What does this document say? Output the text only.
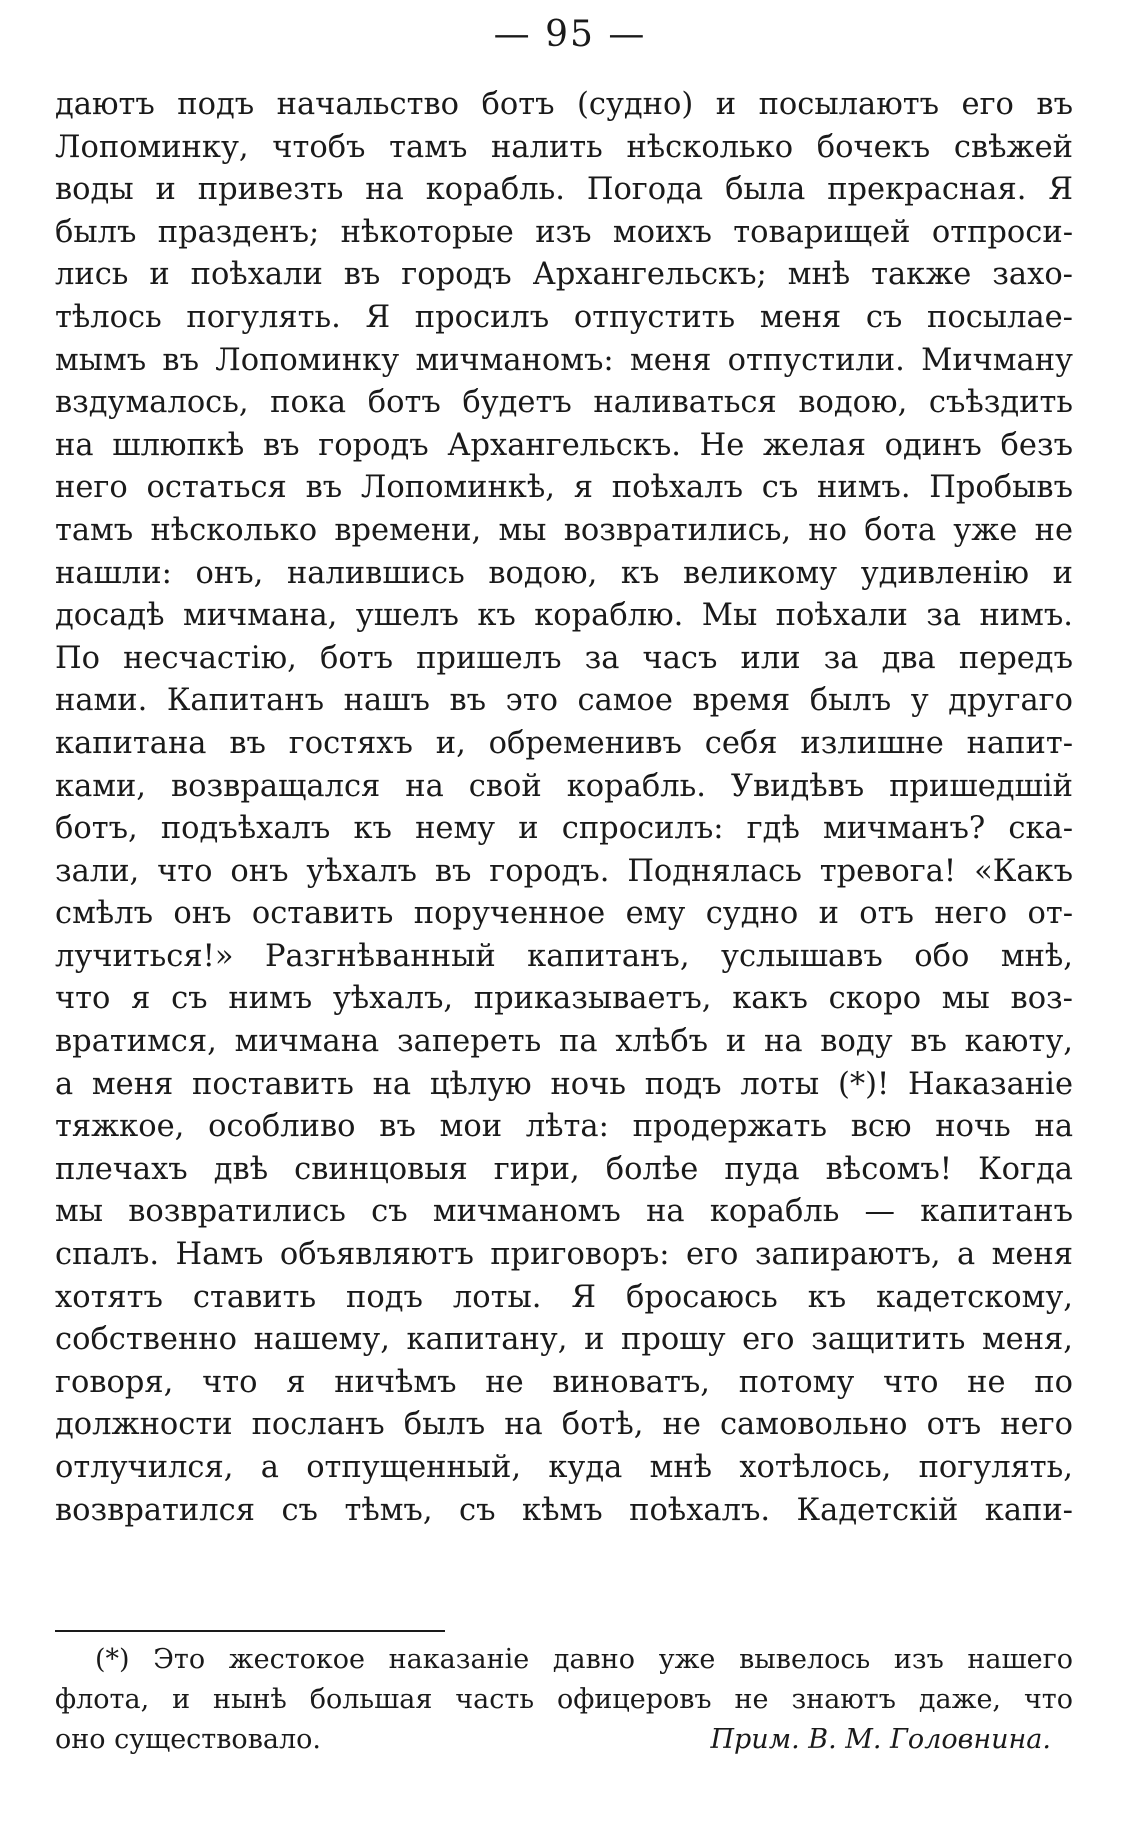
— 95 —
даютъ подъ начальство ботъ (судно) и посылаютъ его въ
Лопоминку, чтобъ тамъ налить нѣсколько бочекъ свѣжей
воды и привезть на корабль. Погода была прекрасная. Я
былъ празденъ; нѣкоторые изъ моихъ товарищей отпроси-
лись и поѣхали въ городъ Архангельскъ; мнѣ также захо-
тѣлось погулять. Я просилъ отпустить меня съ посылае-
мымъ въ Лопоминку мичманомъ: меня отпустили. Мичману
вздумалось, пока ботъ будетъ наливаться водою, съѣздить
на шлюпкѣ въ городъ Архангельскъ. Не желая одинъ безъ
него остаться въ Лопоминкѣ, я поѣхалъ съ нимъ. Пробывъ
тамъ нѣсколько времени, мы возвратились, но бота уже не
нашли: онъ, налившись водою, къ великому удивленію и
досадѣ мичмана, ушелъ къ кораблю. Мы поѣхали за нимъ.
По несчастію, ботъ пришелъ за часъ или за два передъ
нами. Капитанъ нашъ въ это самое время былъ у другаго
капитана въ гостяхъ и, обременивъ себя излишне напит-
ками, возвращался на свой корабль. Увидѣвъ пришедшій
ботъ, подъѣхалъ къ нему и спросилъ: гдѣ мичманъ? ска-
зали, что онъ уѣхалъ въ городъ. Поднялась тревога! «Какъ
смѣлъ онъ оставить порученное ему судно и отъ него от-
лучиться!» Разгнѣванный капитанъ, услышавъ обо мнѣ,
что я съ нимъ уѣхалъ, приказываетъ, какъ скоро мы воз-
вратимся, мичмана запереть па хлѣбъ и на воду въ каюту,
а меня поставить на цѣлую ночь подъ лоты (*)! Наказаніе
тяжкое, особливо въ мои лѣта: продержать всю ночь на
плечахъ двѣ свинцовыя гири, болѣе пуда вѣсомъ! Когда
мы возвратились съ мичманомъ на корабль — капитанъ
спалъ. Намъ объявляютъ приговоръ: его запираютъ, а меня
хотятъ ставить подъ лоты. Я бросаюсь къ кадетскому,
собственно нашему, капитану, и прошу его защитить меня,
говоря, что я ничѣмъ не виноватъ, потому что не по
должности посланъ былъ на ботѣ, не самовольно отъ него
отлучился, а отпущенный, куда мнѣ хотѣлось, погулять,
возвратился съ тѣмъ, съ кѣмъ поѣхалъ. Кадетскій капи-
(*) Это жестокое наказаніе давно уже вывелось изъ нашего
флота, и нынѣ большая часть офицеровъ не знаютъ даже, что
оно существовало.	Прим. В. М. Головнина.
